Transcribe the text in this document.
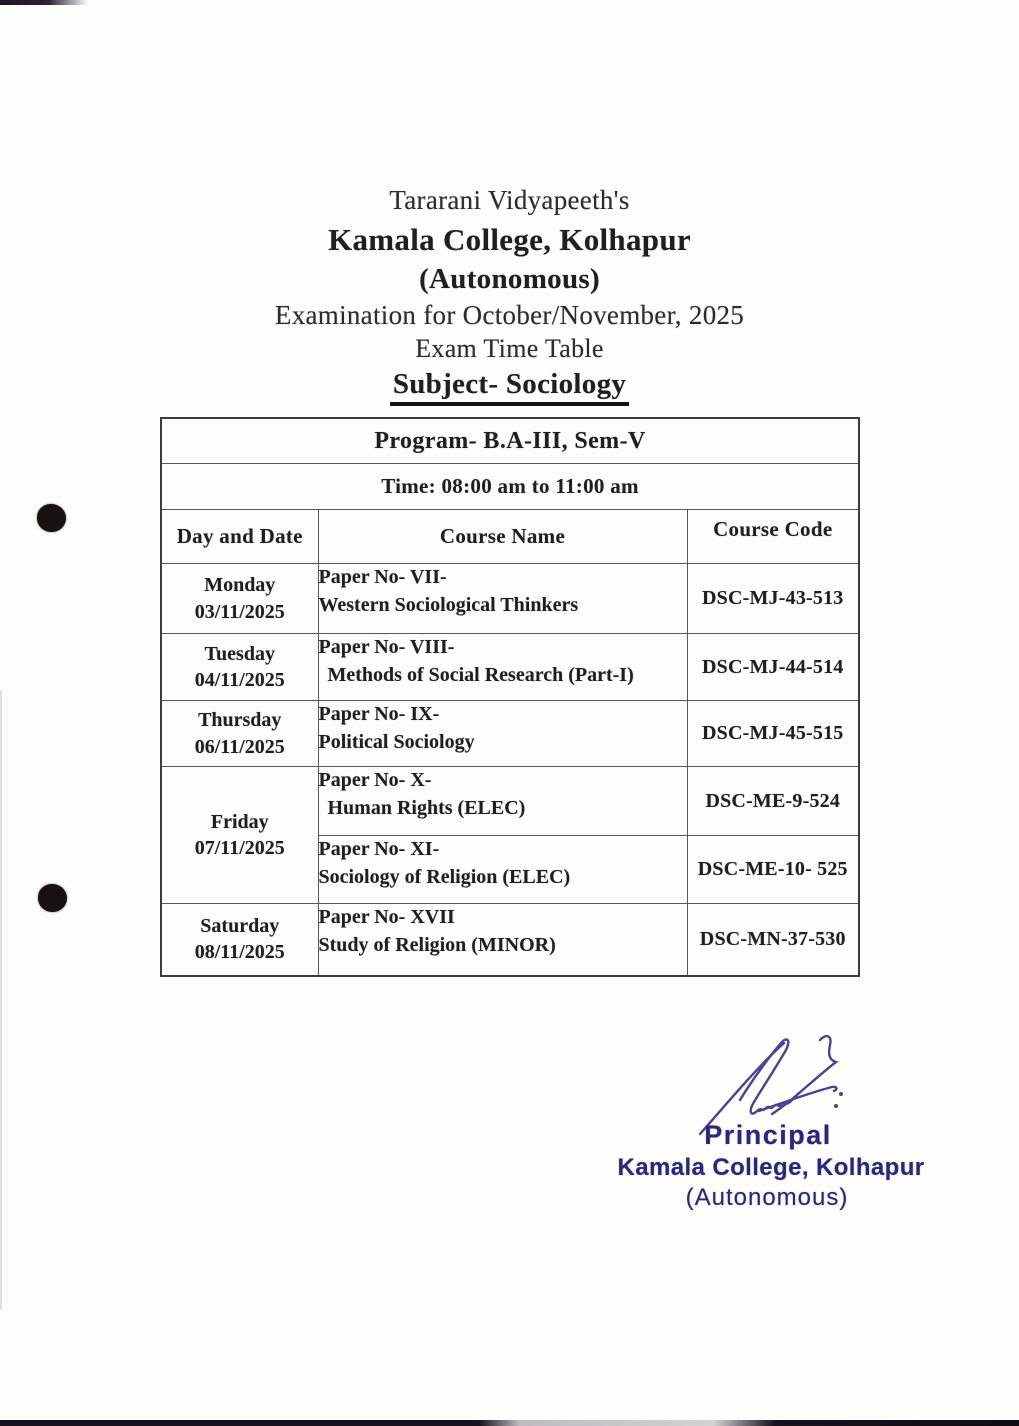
Tararani Vidyapeeth's
Kamala College, Kolhapur
(Autonomous)
Examination for October/November, 2025
Exam Time Table
Subject- Sociology
Program- B.A-III, Sem-V		
Time: 08:00 am to 11:00 am		
Day and Date	Course Name	Course Code

Monday
03/11/2025	Paper No- VII-
Western Sociological Thinkers	DSC-MJ-43-513

Tuesday
04/11/2025	Paper No- VIII-
Methods of Social Research (Part-I)	DSC-MJ-44-514

Thursday
06/11/2025	Paper No- IX-
Political Sociology	DSC-MJ-45-515

Friday
07/11/2025	Paper No- X-
Human Rights (ELEC)	DSC-ME-9-524

	Paper No- XI-
Sociology of Religion (ELEC)	DSC-ME-10- 525

Saturday
08/11/2025	Paper No- XVII
Study of Religion (MINOR)	DSC-MN-37-530
Principal
Kamala College, Kolhapur
(Autonomous)
